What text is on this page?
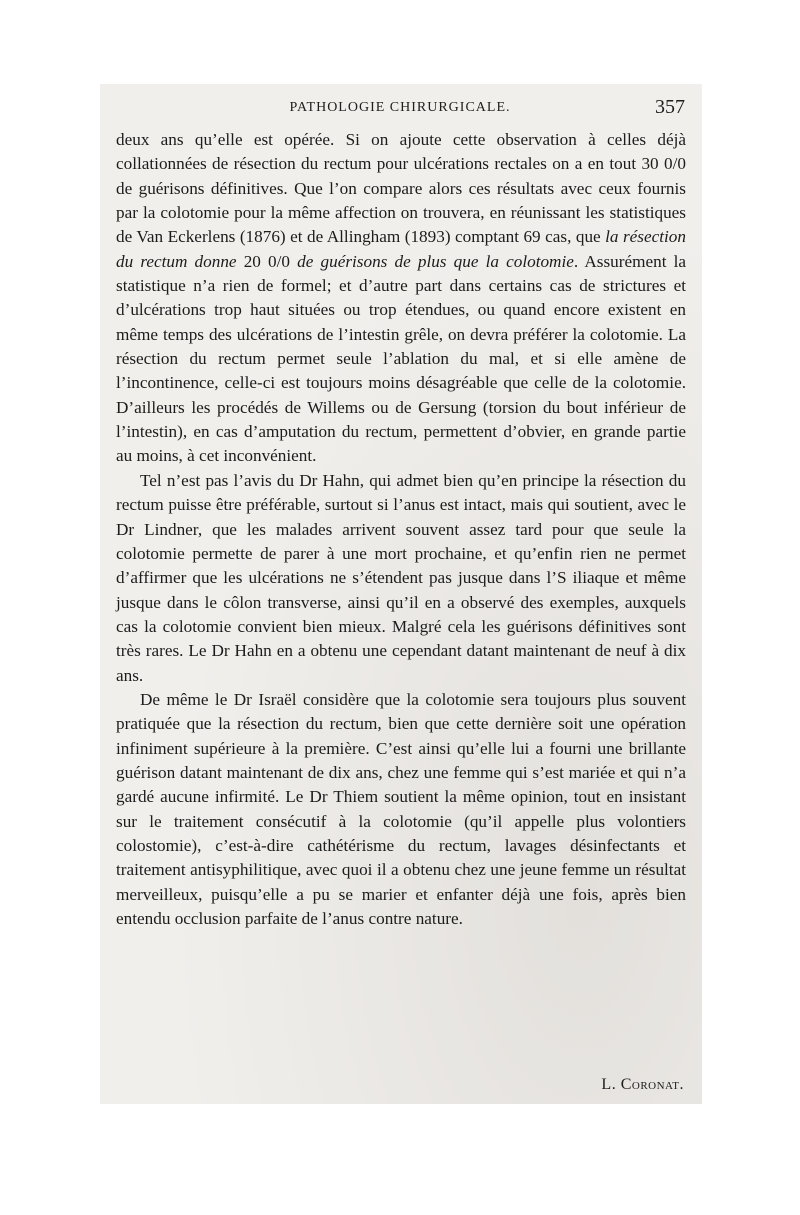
PATHOLOGIE CHIRURGICALE.	357

deux ans qu’elle est opérée. Si on ajoute cette observation à celles déjà collationnées de résection du rectum pour ulcérations rectales on a en tout 30 0/0 de guérisons définitives. Que l’on compare alors ces résultats avec ceux fournis par la colotomie pour la même affection on trouvera, en réunissant les statistiques de Van Eckerlens (1876) et de Allingham (1893) comptant 69 cas, que la résection du rectum donne 20 0/0 de guérisons de plus que la colotomie. Assurément la statistique n’a rien de formel; et d’autre part dans certains cas de strictures et d’ulcérations trop haut situées ou trop étendues, ou quand encore existent en même temps des ulcérations de l’intestin grêle, on devra préférer la colotomie. La résection du rectum permet seule l’ablation du mal, et si elle amène de l’incontinence, celle-ci est toujours moins désagréable que celle de la colotomie. D’ailleurs les procédés de Willems ou de Gersung (torsion du bout inférieur de l’intestin), en cas d’amputation du rectum, permettent d’obvier, en grande partie au moins, à cet inconvénient.

Tel n’est pas l’avis du Dr Hahn, qui admet bien qu’en principe la résection du rectum puisse être préférable, surtout si l’anus est intact, mais qui soutient, avec le Dr Lindner, que les malades arrivent souvent assez tard pour que seule la colotomie permette de parer à une mort prochaine, et qu’enfin rien ne permet d’affirmer que les ulcérations ne s’étendent pas jusque dans l’S iliaque et même jusque dans le côlon transverse, ainsi qu’il en a observé des exemples, auxquels cas la colotomie convient bien mieux. Malgré cela les guérisons définitives sont très rares. Le Dr Hahn en a obtenu une cependant datant maintenant de neuf à dix ans.

De même le Dr Israël considère que la colotomie sera toujours plus souvent pratiquée que la résection du rectum, bien que cette dernière soit une opération infiniment supérieure à la première. C’est ainsi qu’elle lui a fourni une brillante guérison datant maintenant de dix ans, chez une femme qui s’est mariée et qui n’a gardé aucune infirmité. Le Dr Thiem soutient la même opinion, tout en insistant sur le traitement consécutif à la colotomie (qu’il appelle plus volontiers colostomie), c’est-à-dire cathétérisme du rectum, lavages désinfectants et traitement antisyphilitique, avec quoi il a obtenu chez une jeune femme un résultat merveilleux, puisqu’elle a pu se marier et enfanter déjà une fois, après bien entendu occlusion parfaite de l’anus contre nature.

L. Coronat.
